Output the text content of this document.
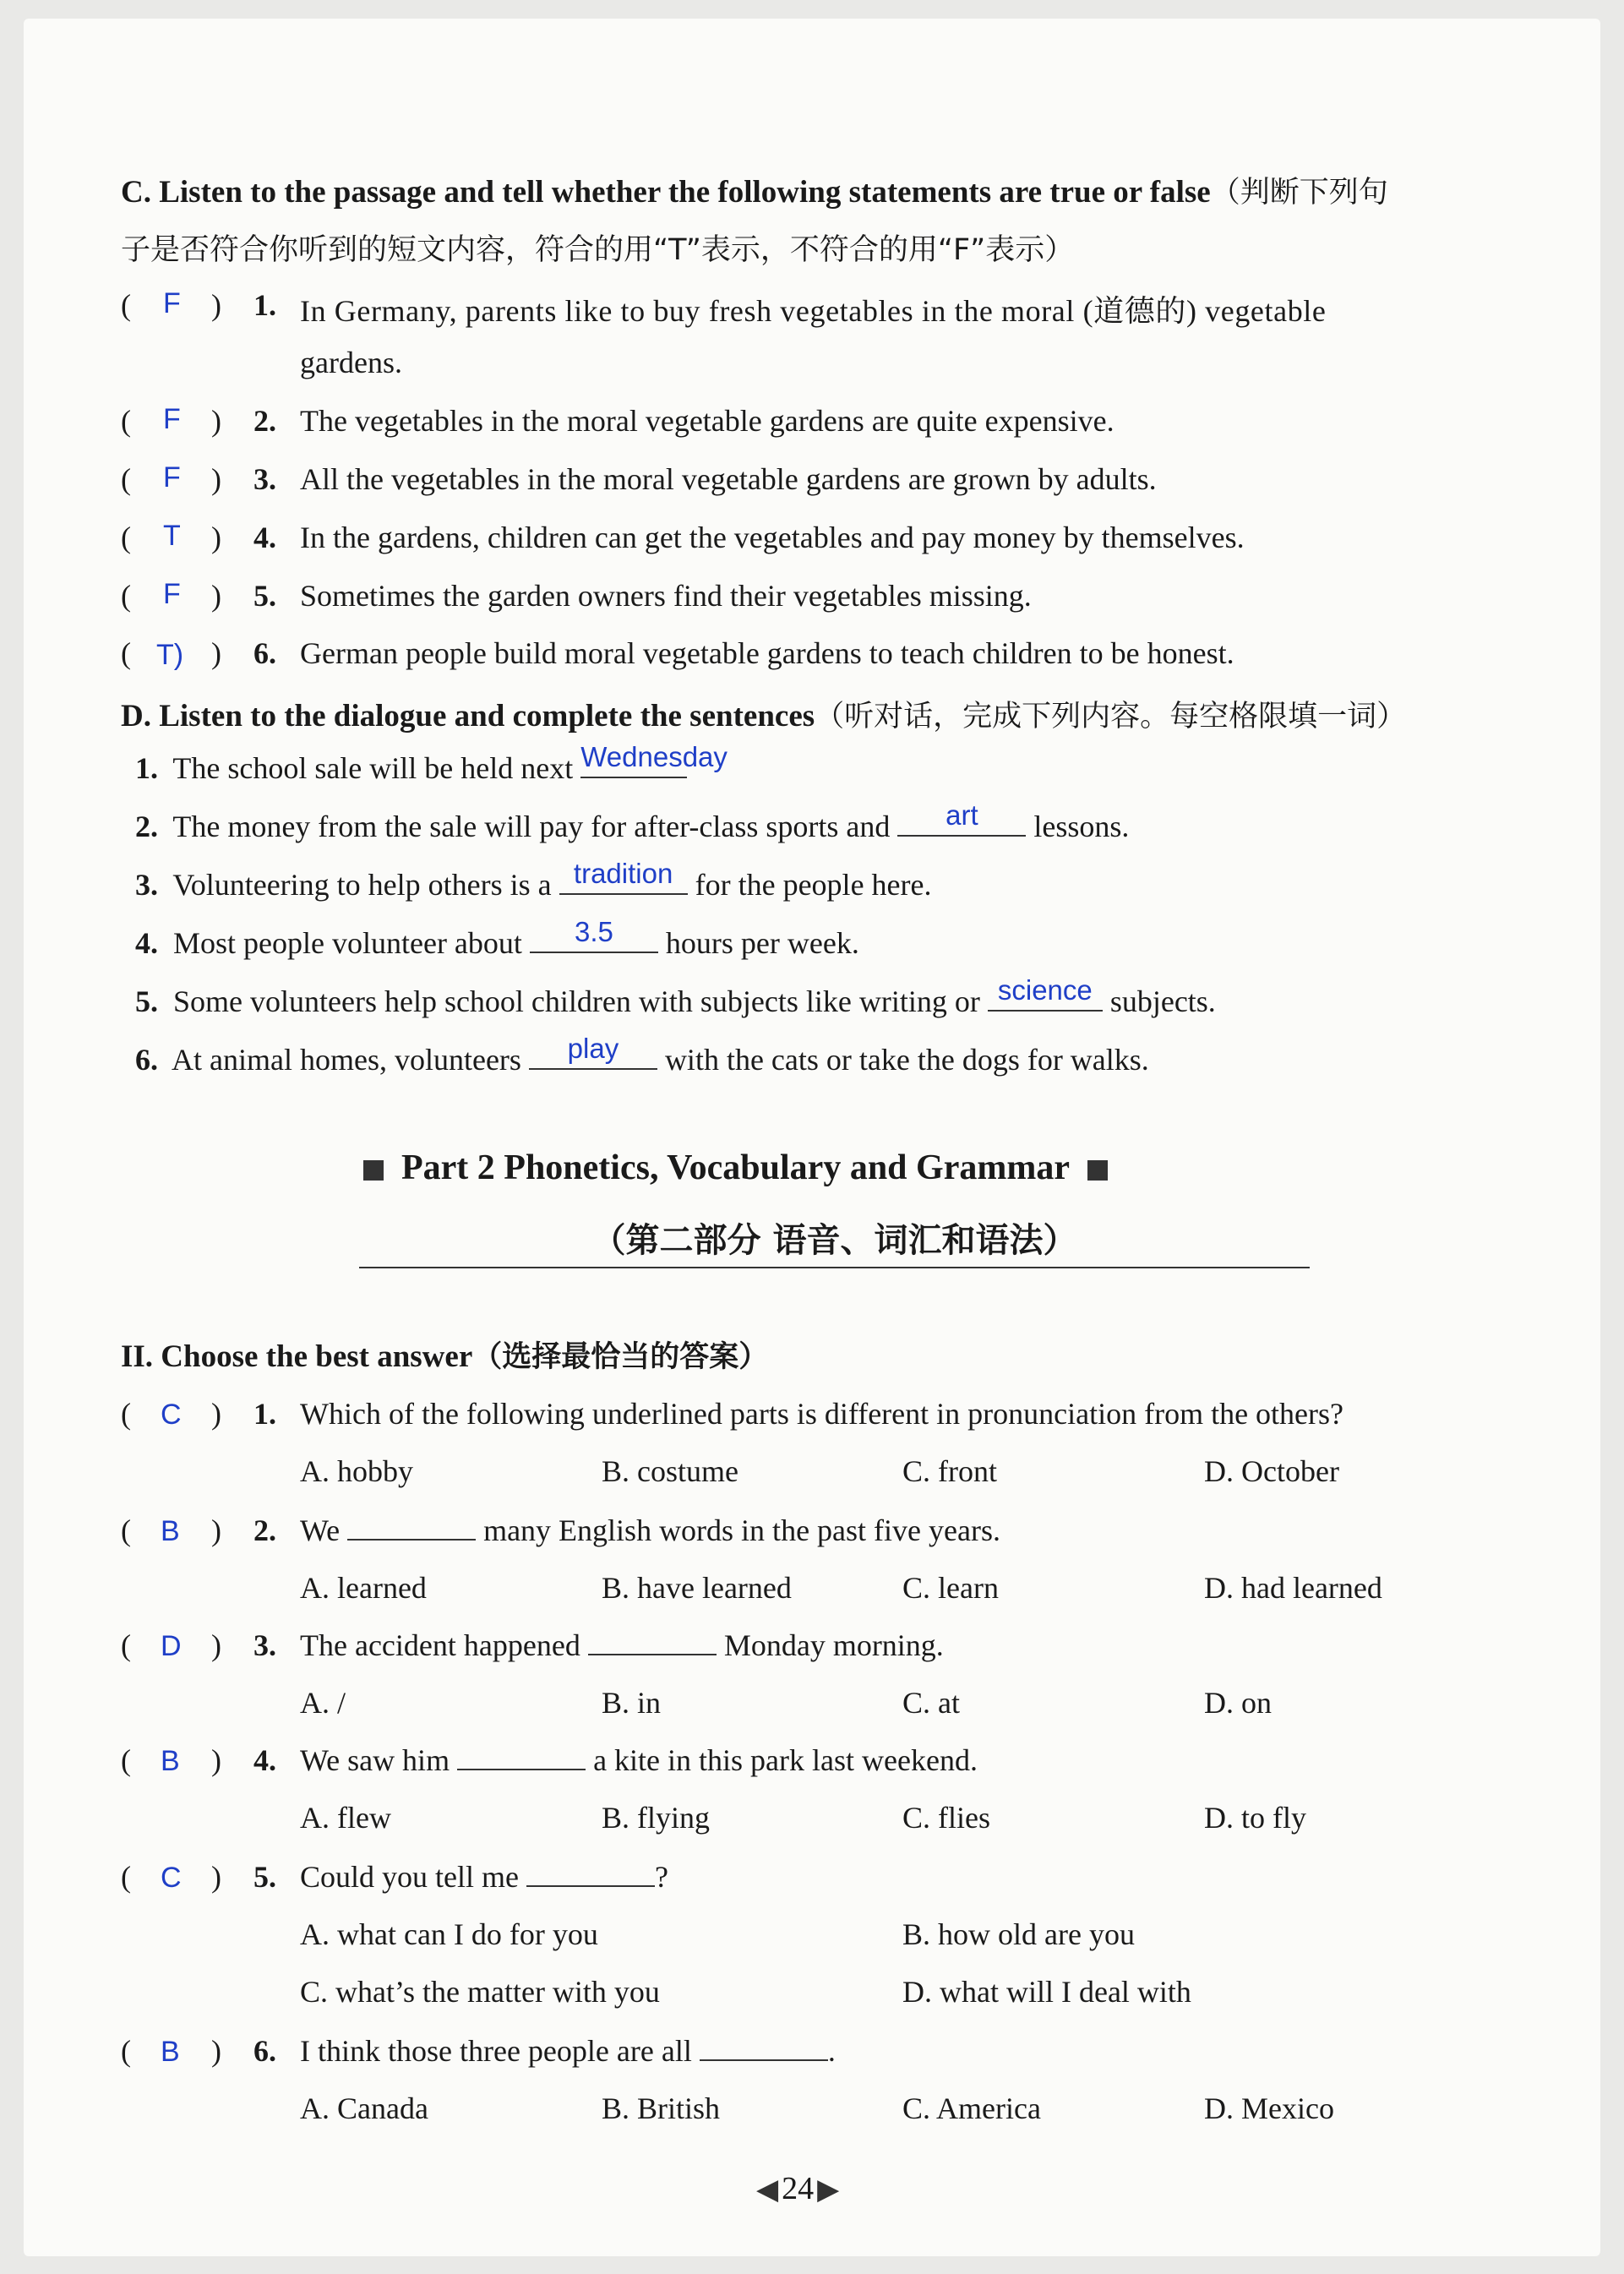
C. Listen to the passage and tell whether the following statements are true or false（判断下列句
子是否符合你听到的短文内容，符合的用“T”表示，不符合的用“F”表示）
( F ) 1. In Germany, parents like to buy fresh vegetables in the moral (道德的) vegetable
gardens.
( F ) 2. The vegetables in the moral vegetable gardens are quite expensive.
( F ) 3. All the vegetables in the moral vegetable gardens are grown by adults.
( T ) 4. In the gardens, children can get the vegetables and pay money by themselves.
( F ) 5. Sometimes the garden owners find their vegetables missing.
( T) ) 6. German people build moral vegetable gardens to teach children to be honest.
D. Listen to the dialogue and complete the sentences（听对话，完成下列内容。每空格限填一词）
1. The school sale will be held next Wednesday
2. The money from the sale will pay for after-class sports and	art	lessons.
3. Volunteering to help others is a tradition for the people here.
4. Most people volunteer about	3.5	hours per week.
5. Some volunteers help school children with subjects like writing or science subjects.
6. At animal homes, volunteers	play	with the cats or take the dogs for walks.
Part 2 Phonetics, Vocabulary and Grammar
（第二部分 语音、词汇和语法）
II. Choose the best answer（选择最恰当的答案）
( C ) 1. Which of the following underlined parts is different in pronunciation from the others?
A. hobby	B. costume	C. front	D. October
( B ) 2. We	many English words in the past five years.
A. learned	B. have learned	C. learn	D. had learned
( D ) 3. The accident happened	Monday morning.
A. /	B. in	C. at	D. on
( B ) 4. We saw him	a kite in this park last weekend.
A. flew	B. flying	C. flies	D. to fly
( C ) 5. Could you tell me	?
A. what can I do for you	B. how old are you
C. what’s the matter with you	D. what will I deal with
( B ) 6. I think those three people are all	.
A. Canada	B. British	C. America	D. Mexico
◀ 24 ▶
